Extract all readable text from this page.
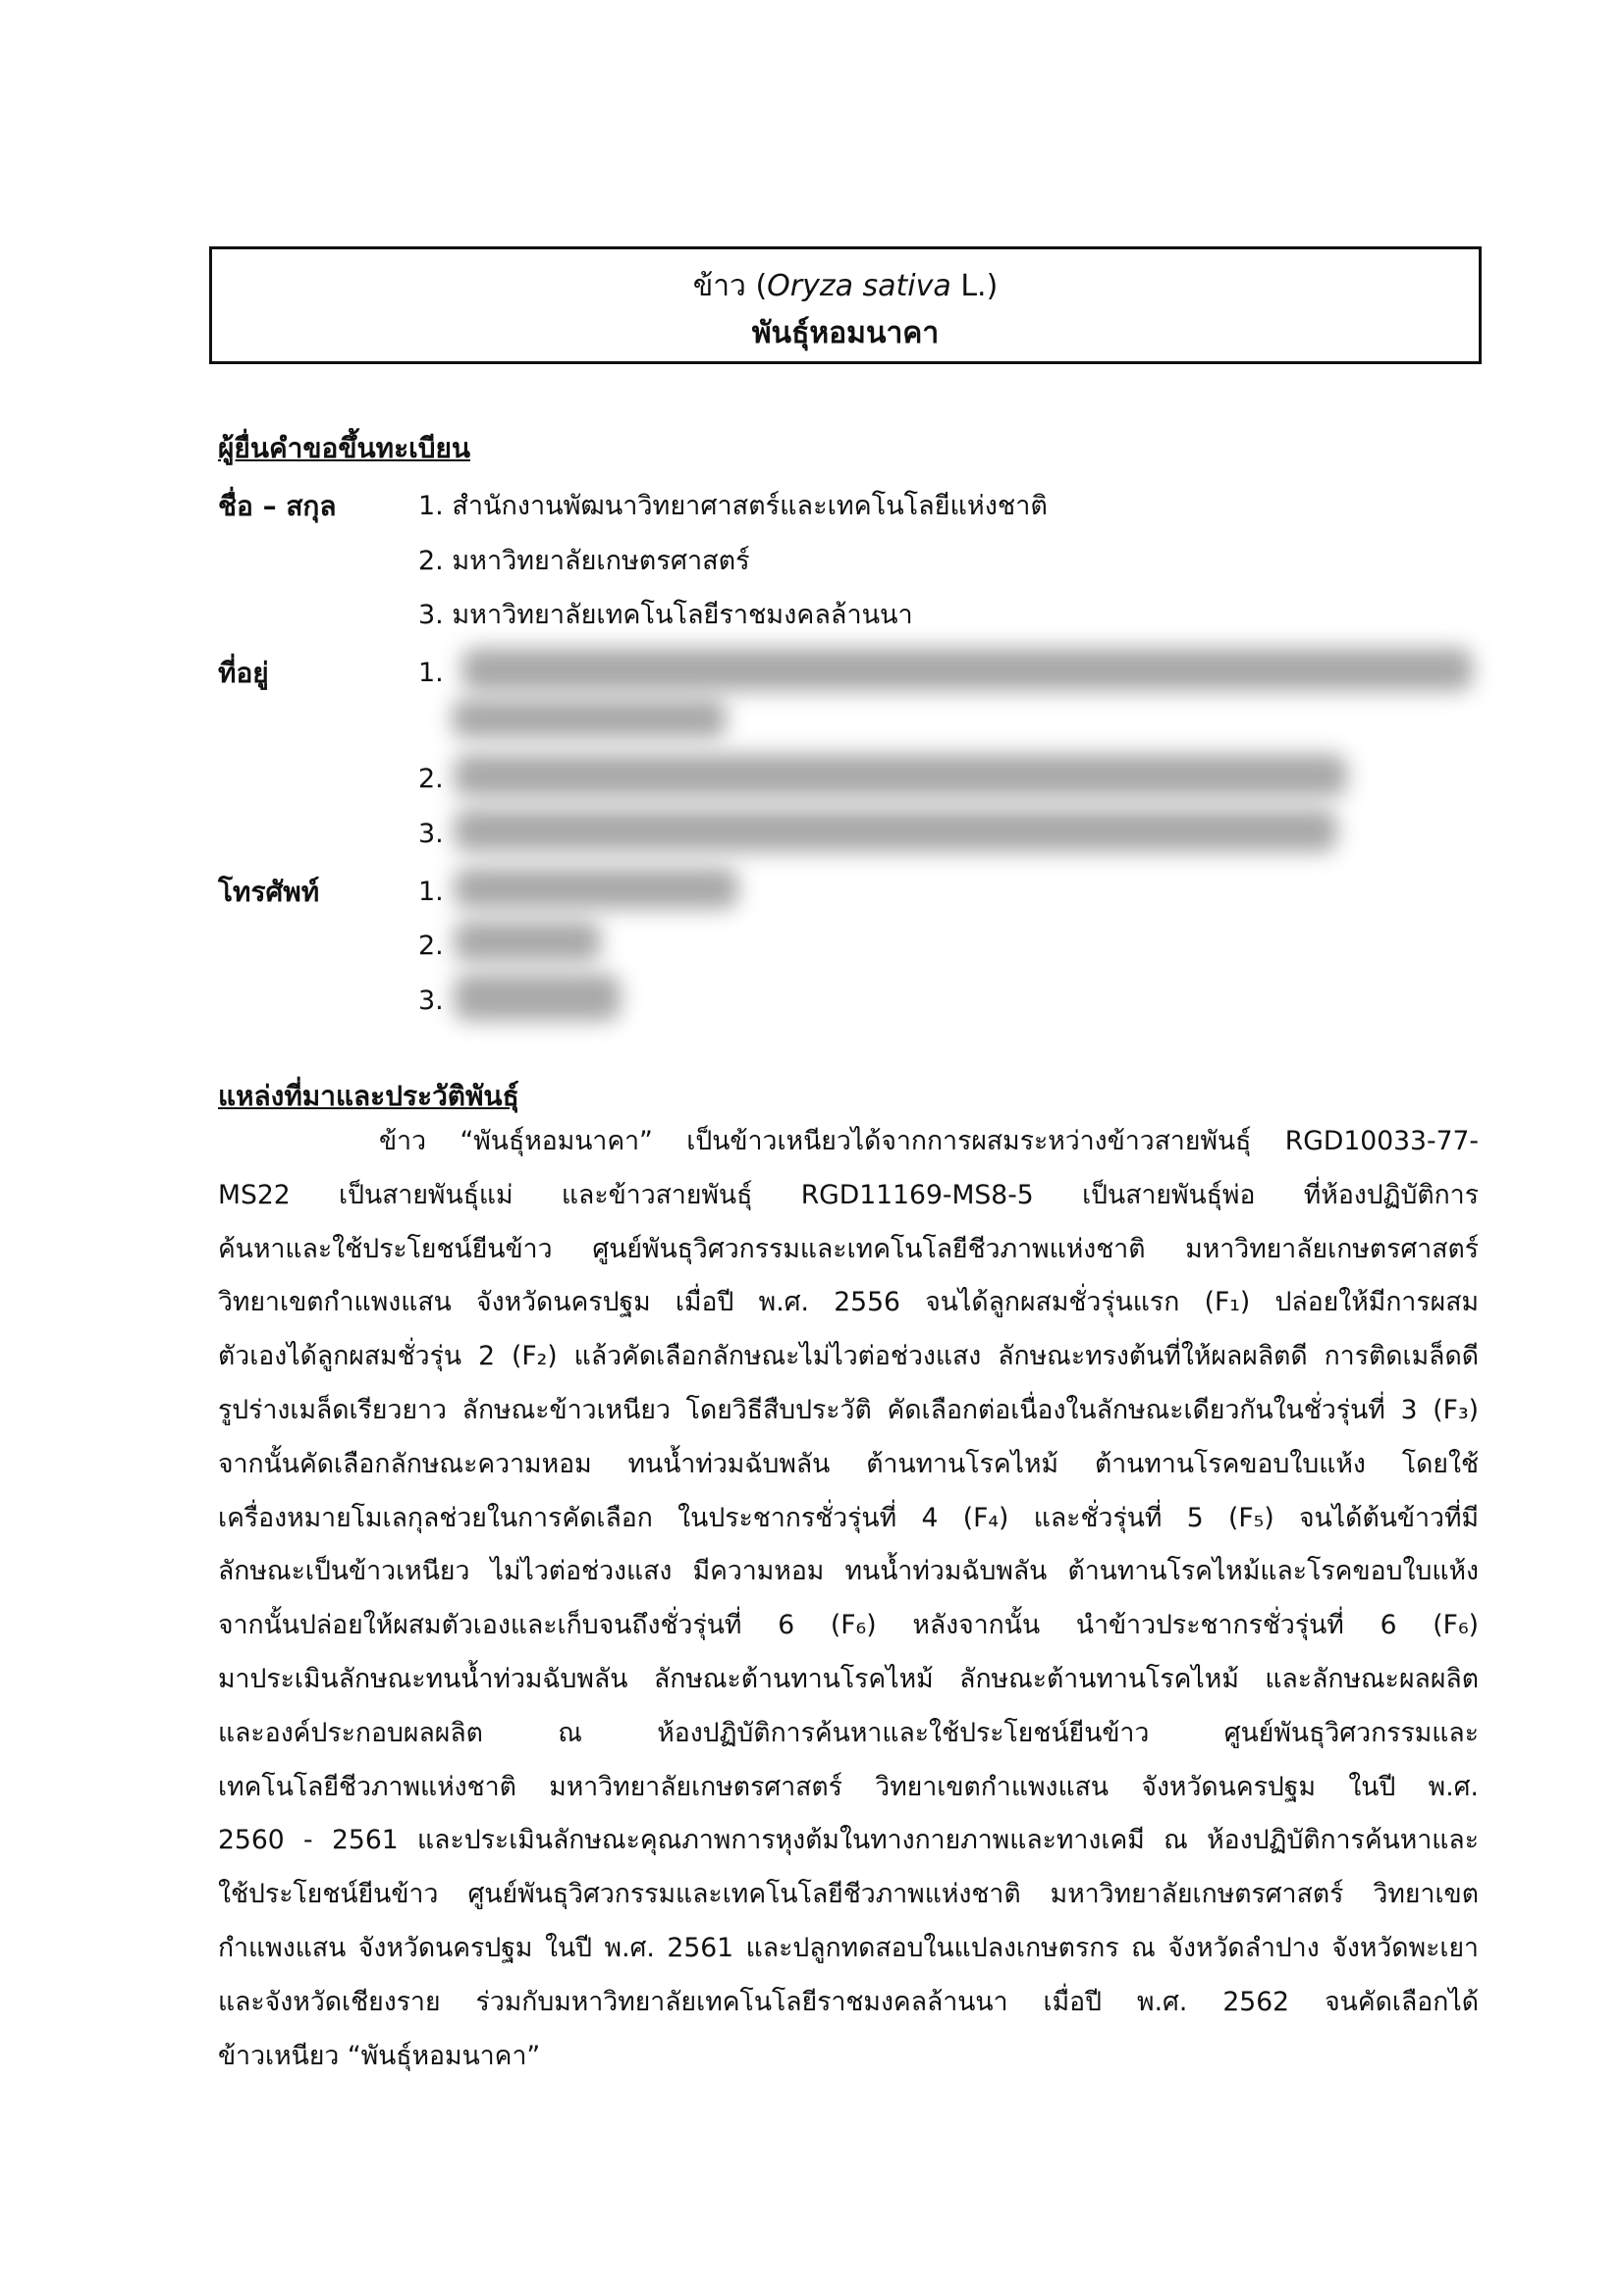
ข้าว (Oryza sativa L.)
พันธุ์หอมนาคา
ผู้ยื่นคำขอขึ้นทะเบียน
ชื่อ – สกุล	1. สำนักงานพัฒนาวิทยาศาสตร์และเทคโนโลยีแห่งชาติ
2. มหาวิทยาลัยเกษตรศาสตร์
3. มหาวิทยาลัยเทคโนโลยีราชมงคลล้านนา
ที่อยู่	1.
2.
3.
โทรศัพท์	1.
2.
3.
แหล่งที่มาและประวัติพันธุ์
ข้าว “พันธุ์หอมนาคา” เป็นข้าวเหนียวได้จากการผสมระหว่างข้าวสายพันธุ์ RGD10033-77-
MS22 เป็นสายพันธุ์แม่ และข้าวสายพันธุ์ RGD11169-MS8-5 เป็นสายพันธุ์พ่อ ที่ห้องปฏิบัติการ
ค้นหาและใช้ประโยชน์ยีนข้าว ศูนย์พันธุวิศวกรรมและเทคโนโลยีชีวภาพแห่งชาติ มหาวิทยาลัยเกษตรศาสตร์
วิทยาเขตกำแพงแสน จังหวัดนครปฐม เมื่อปี พ.ศ. 2556 จนได้ลูกผสมชั่วรุ่นแรก (F₁) ปล่อยให้มีการผสม
ตัวเองได้ลูกผสมชั่วรุ่น 2 (F₂) แล้วคัดเลือกลักษณะไม่ไวต่อช่วงแสง ลักษณะทรงต้นที่ให้ผลผลิตดี การติดเมล็ดดี
รูปร่างเมล็ดเรียวยาว ลักษณะข้าวเหนียว โดยวิธีสืบประวัติ คัดเลือกต่อเนื่องในลักษณะเดียวกันในชั่วรุ่นที่ 3 (F₃)
จากนั้นคัดเลือกลักษณะความหอม ทนน้ำท่วมฉับพลัน ต้านทานโรคไหม้ ต้านทานโรคขอบใบแห้ง โดยใช้
เครื่องหมายโมเลกุลช่วยในการคัดเลือก ในประชากรชั่วรุ่นที่ 4 (F₄) และชั่วรุ่นที่ 5 (F₅) จนได้ต้นข้าวที่มี
ลักษณะเป็นข้าวเหนียว ไม่ไวต่อช่วงแสง มีความหอม ทนน้ำท่วมฉับพลัน ต้านทานโรคไหม้และโรคขอบใบแห้ง
จากนั้นปล่อยให้ผสมตัวเองและเก็บจนถึงชั่วรุ่นที่ 6 (F₆) หลังจากนั้น นำข้าวประชากรชั่วรุ่นที่ 6 (F₆)
มาประเมินลักษณะทนน้ำท่วมฉับพลัน ลักษณะต้านทานโรคไหม้ ลักษณะต้านทานโรคไหม้ และลักษณะผลผลิต
และองค์ประกอบผลผลิต ณ ห้องปฏิบัติการค้นหาและใช้ประโยชน์ยีนข้าว ศูนย์พันธุวิศวกรรมและ
เทคโนโลยีชีวภาพแห่งชาติ มหาวิทยาลัยเกษตรศาสตร์ วิทยาเขตกำแพงแสน จังหวัดนครปฐม ในปี พ.ศ.
2560 - 2561 และประเมินลักษณะคุณภาพการหุงต้มในทางกายภาพและทางเคมี ณ ห้องปฏิบัติการค้นหาและ
ใช้ประโยชน์ยีนข้าว ศูนย์พันธุวิศวกรรมและเทคโนโลยีชีวภาพแห่งชาติ มหาวิทยาลัยเกษตรศาสตร์ วิทยาเขต
กำแพงแสน จังหวัดนครปฐม ในปี พ.ศ. 2561 และปลูกทดสอบในแปลงเกษตรกร ณ จังหวัดลำปาง จังหวัดพะเยา
และจังหวัดเชียงราย ร่วมกับมหาวิทยาลัยเทคโนโลยีราชมงคลล้านนา เมื่อปี พ.ศ. 2562 จนคัดเลือกได้
ข้าวเหนียว “พันธุ์หอมนาคา”
